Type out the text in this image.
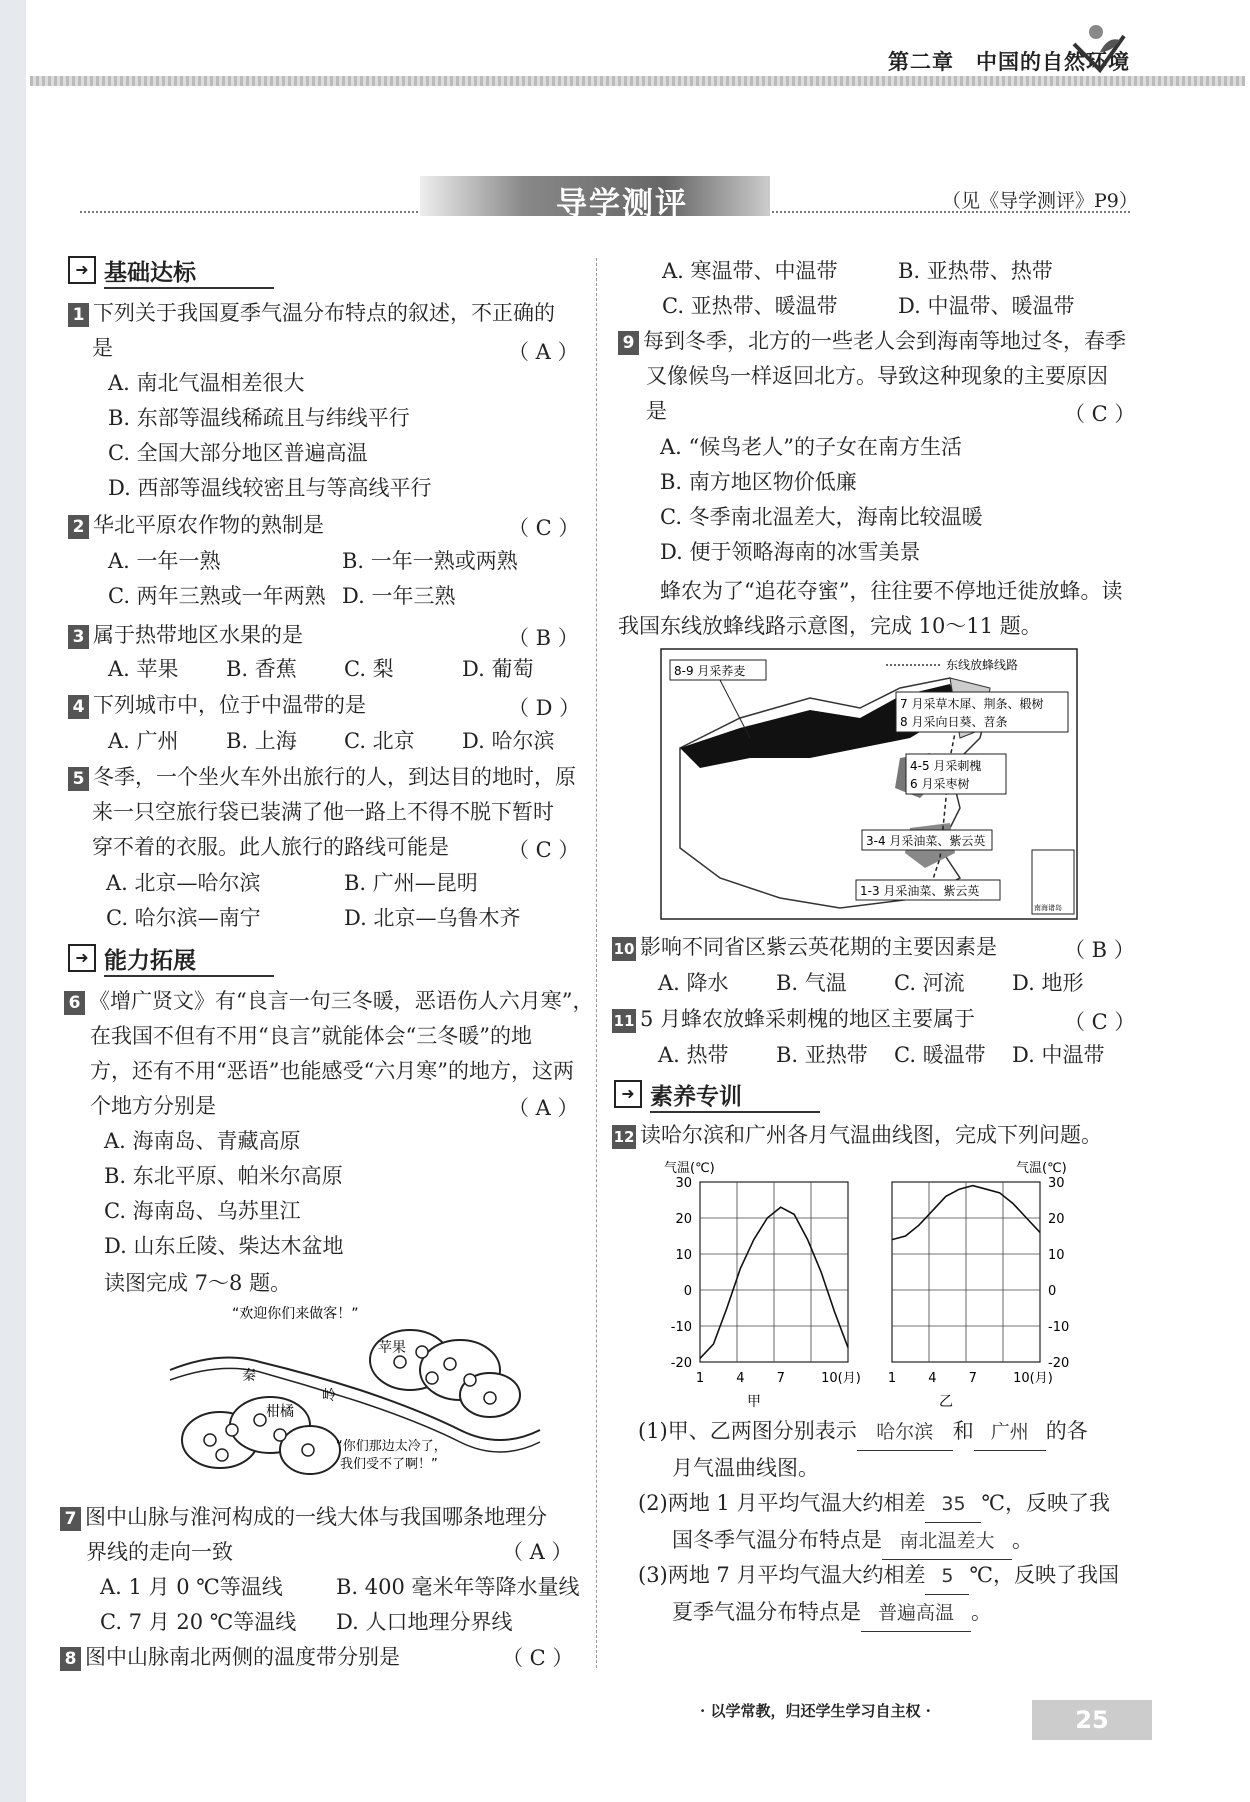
第二章 中国的自然环境
导学测评	（见《导学测评》P9）
➜ 基础达标
1 下列关于我国夏季气温分布特点的叙述，不正确的
是	（ A ）
A. 南北气温相差很大
B. 东部等温线稀疏且与纬线平行
C. 全国大部分地区普遍高温
D. 西部等温线较密且与等高线平行
2 华北平原农作物的熟制是	（ C ）
A. 一年一熟	B. 一年一熟或两熟
C. 两年三熟或一年两熟 D. 一年三熟
3 属于热带地区水果的是	（ B ）
A. 苹果 B. 香蕉 C. 梨	D. 葡萄
4 下列城市中，位于中温带的是	（ D ）
A. 广州 B. 上海 C. 北京 D. 哈尔滨
5 冬季，一个坐火车外出旅行的人，到达目的地时，原
来一只空旅行袋已装满了他一路上不得不脱下暂时
穿不着的衣服。此人旅行的路线可能是	（ C ）
A. 北京—哈尔滨	B. 广州—昆明
C. 哈尔滨—南宁	D. 北京—乌鲁木齐
➜ 能力拓展
6 《增广贤文》有“良言一句三冬暖，恶语伤人六月寒”，
在我国不但有不用“良言”就能体会“三冬暖”的地
方，还有不用“恶语”也能感受“六月寒”的地方，这两
个地方分别是	（ A ）
A. 海南岛、青藏高原
B. 东北平原、帕米尔高原
C. 海南岛、乌苏里江
D. 山东丘陵、柴达木盆地
读图完成 7～8 题。
“欢迎你们来做客！”
苹果
秦
岭
柑橘
“你们那边太冷了，
我们受不了啊！”
7 图中山脉与淮河构成的一线大体与我国哪条地理分
界线的走向一致	（ A ）
A. 1 月 0 ℃等温线	B. 400 毫米年等降水量线
C. 7 月 20 ℃等温线 D. 人口地理分界线
8 图中山脉南北两侧的温度带分别是	（ C ）
A. 寒温带、中温带	B. 亚热带、热带
C. 亚热带、暖温带	D. 中温带、暖温带
9 每到冬季，北方的一些老人会到海南等地过冬，春季
又像候鸟一样返回北方。导致这种现象的主要原因
是	（ C ）
A. “候鸟老人”的子女在南方生活
B. 南方地区物价低廉
C. 冬季南北温差大，海南比较温暖
D. 便于领略海南的冰雪美景
蜂农为了“追花夺蜜”，往往要不停地迁徙放蜂。读
我国东线放蜂线路示意图，完成 10～11 题。
东线放蜂线路
8-9 月采荞麦
7 月采草木犀、荆条、椴树
8 月采向日葵、苕条
4-5 月采刺槐
6 月采枣树
3-4 月采油菜、紫云英
1-3 月采油菜、紫云英
南海诸岛
10 影响不同省区紫云英花期的主要因素是	（ B ）
A. 降水 B. 气温 C. 河流 D. 地形
11 5 月蜂农放蜂采刺槐的地区主要属于	（ C ）
A. 热带 B. 亚热带 C. 暖温带 D. 中温带
➜ 素养专训
12 读哈尔滨和广州各月气温曲线图，完成下列问题。
30
20
10
0
-10
-20
1 4 7	10(月)
气温(℃)
甲
30
20
10
0
-10
-20
1 4 7	10(月)
气温(℃)
乙
(1)甲、乙两图分别表示 哈尔滨 和 广州 的各
月气温曲线图。
(2)两地 1 月平均气温大约相差 35 ℃，反映了我
国冬季气温分布特点是 南北温差大 。
(3)两地 7 月平均气温大约相差 5 ℃，反映了我国
夏季气温分布特点是 普遍高温 。
· 以学常教，归还学生学习自主权 ·	25
